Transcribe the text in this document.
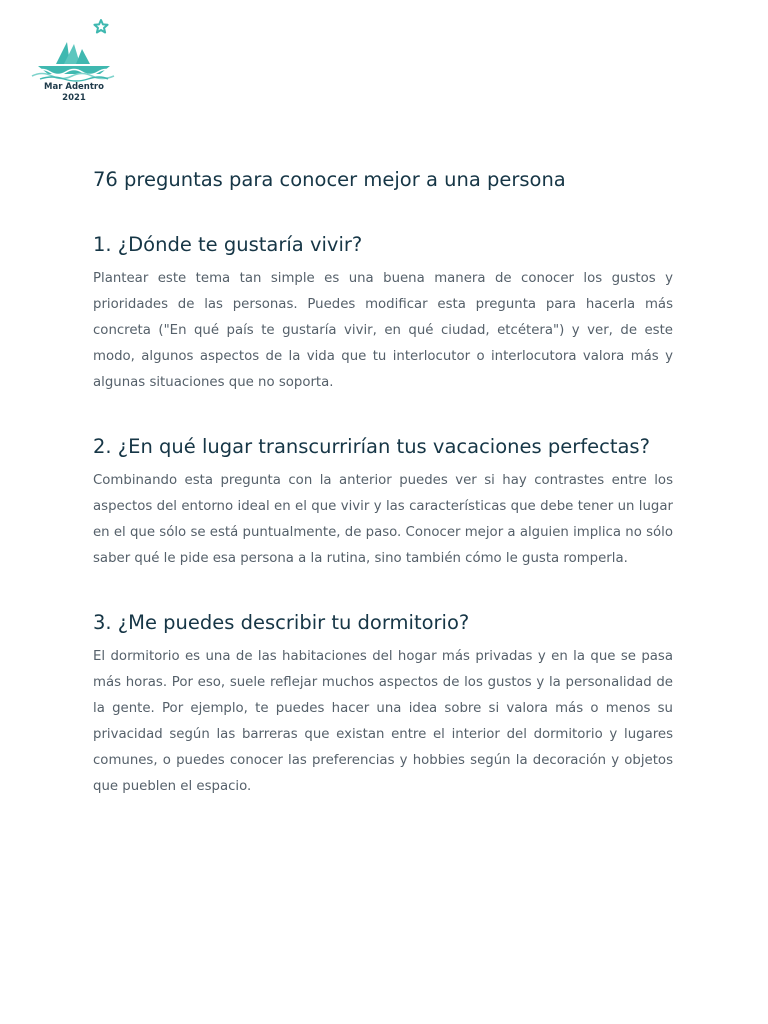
Mar Adentro
2021
76 preguntas para conocer mejor a una persona
1. ¿Dónde te gustaría vivir?

Plantear este tema tan simple es una buena manera de conocer los gustos y prioridades de las personas. Puedes modificar esta pregunta para hacerla más concreta ("En qué país te gustaría vivir, en qué ciudad, etcétera") y ver, de este modo, algunos aspectos de la vida que tu interlocutor o interlocutora valora más y algunas situaciones que no soporta.

2. ¿En qué lugar transcurrirían tus vacaciones perfectas?

Combinando esta pregunta con la anterior puedes ver si hay contrastes entre los aspectos del entorno ideal en el que vivir y las características que debe tener un lugar en el que sólo se está puntualmente, de paso. Conocer mejor a alguien implica no sólo saber qué le pide esa persona a la rutina, sino también cómo le gusta romperla.

3. ¿Me puedes describir tu dormitorio?

El dormitorio es una de las habitaciones del hogar más privadas y en la que se pasa más horas. Por eso, suele reflejar muchos aspectos de los gustos y la personalidad de la gente. Por ejemplo, te puedes hacer una idea sobre si valora más o menos su privacidad según las barreras que existan entre el interior del dormitorio y lugares comunes, o puedes conocer las preferencias y hobbies según la decoración y objetos que pueblen el espacio.
